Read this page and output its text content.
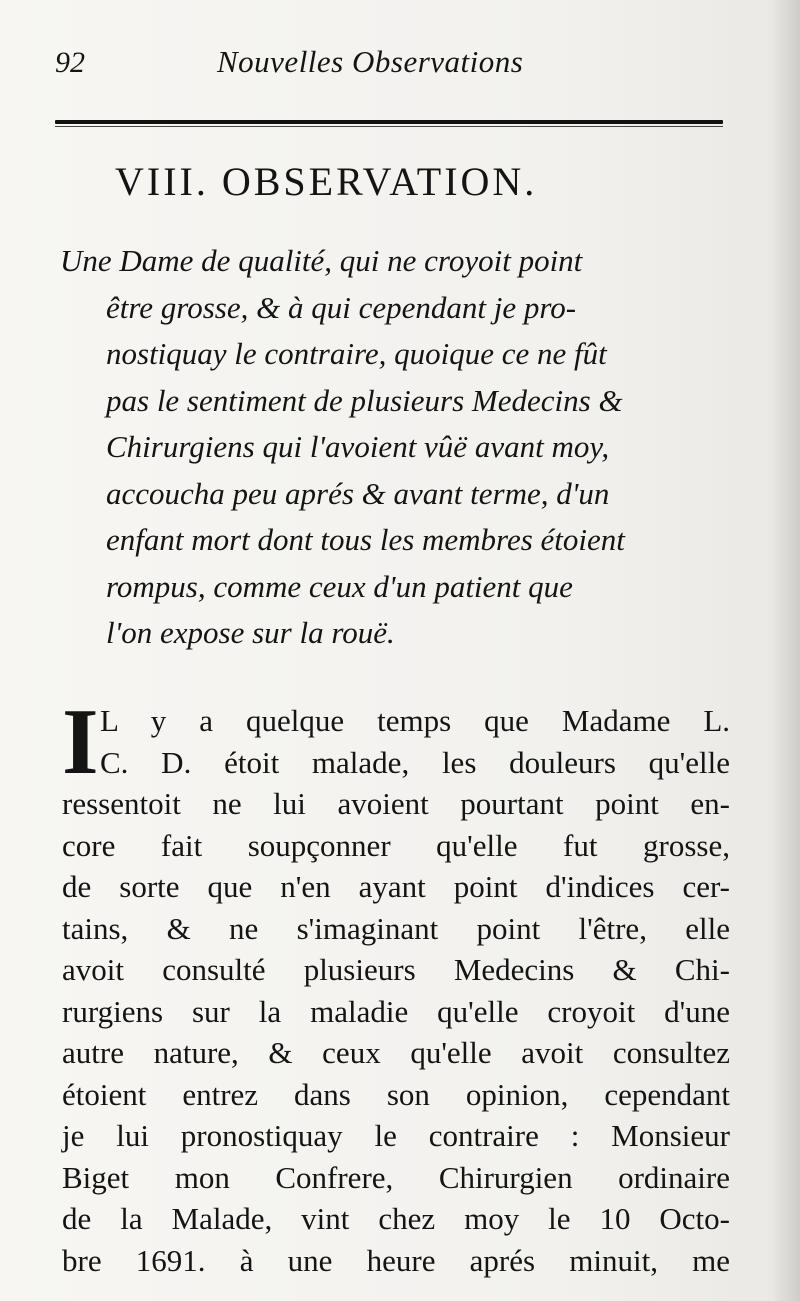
92	Nouvelles Observations
VIII. OBSERVATION.
Une Dame de qualité, qui ne croyoit point
être grosse, & à qui cependant je pro-
nostiquay le contraire, quoique ce ne fût
pas le sentiment de plusieurs Medecins &
Chirurgiens qui l'avoient vûë avant moy,
accoucha peu aprés & avant terme, d'un
enfant mort dont tous les membres étoient
rompus, comme ceux d'un patient que
l'on expose sur la rouë.
I L y a quelque temps que Madame L.
C. D. étoit malade, les douleurs qu'elle
ressentoit ne lui avoient pourtant point en-
core fait soupçonner qu'elle fut grosse,
de sorte que n'en ayant point d'indices cer-
tains, & ne s'imaginant point l'être, elle
avoit consulté plusieurs Medecins & Chi-
rurgiens sur la maladie qu'elle croyoit d'une
autre nature, & ceux qu'elle avoit consultez
étoient entrez dans son opinion, cependant
je lui pronostiquay le contraire : Monsieur
Biget mon Confrere, Chirurgien ordinaire
de la Malade, vint chez moy le 10 Octo-
bre 1691. à une heure aprés minuit, me
